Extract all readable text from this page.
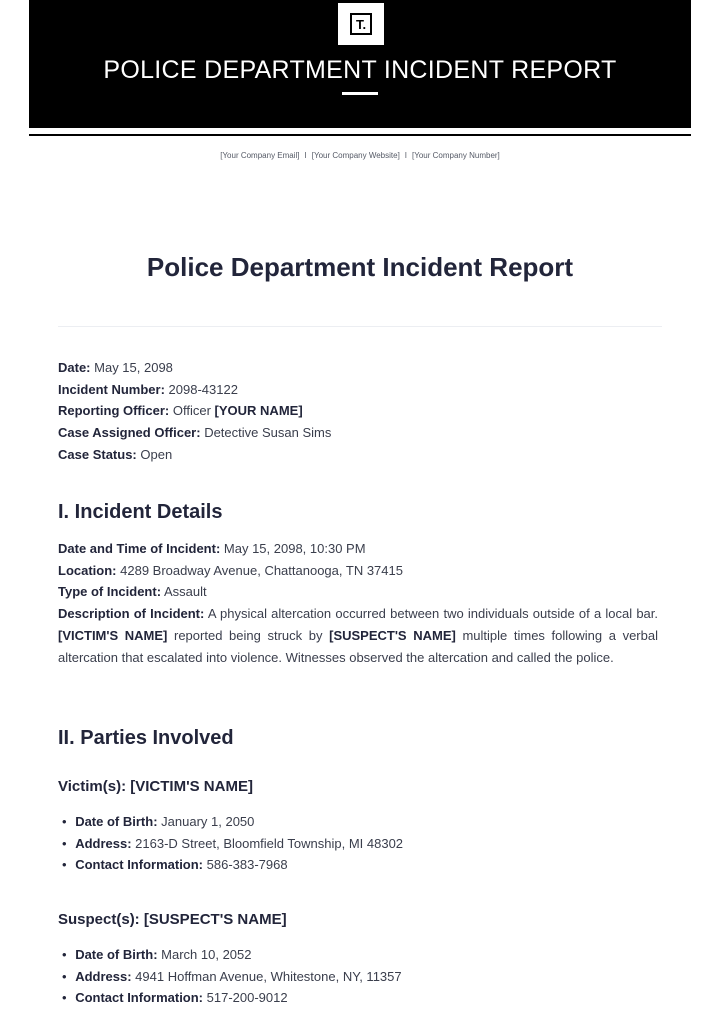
T.
POLICE DEPARTMENT INCIDENT REPORT
[Your Company Email] I [Your Company Website] I [Your Company Number]
Police Department Incident Report
Date: May 15, 2098
Incident Number: 2098-43122
Reporting Officer: Officer [YOUR NAME]
Case Assigned Officer: Detective Susan Sims
Case Status: Open
I. Incident Details
Date and Time of Incident: May 15, 2098, 10:30 PM
Location: 4289 Broadway Avenue, Chattanooga, TN 37415
Type of Incident: Assault

Description of Incident: A physical altercation occurred between two individuals outside of a local bar. [VICTIM'S NAME] reported being struck by [SUSPECT'S NAME] multiple times following a verbal altercation that escalated into violence. Witnesses observed the altercation and called the police.

II. Parties Involved
Victim(s): [VICTIM'S NAME]
• Date of Birth: January 1, 2050
• Address: 2163-D Street, Bloomfield Township, MI 48302
• Contact Information: 586-383-7968
Suspect(s): [SUSPECT'S NAME]
• Date of Birth: March 10, 2052
• Address: 4941 Hoffman Avenue, Whitestone, NY, 11357
• Contact Information: 517-200-9012
